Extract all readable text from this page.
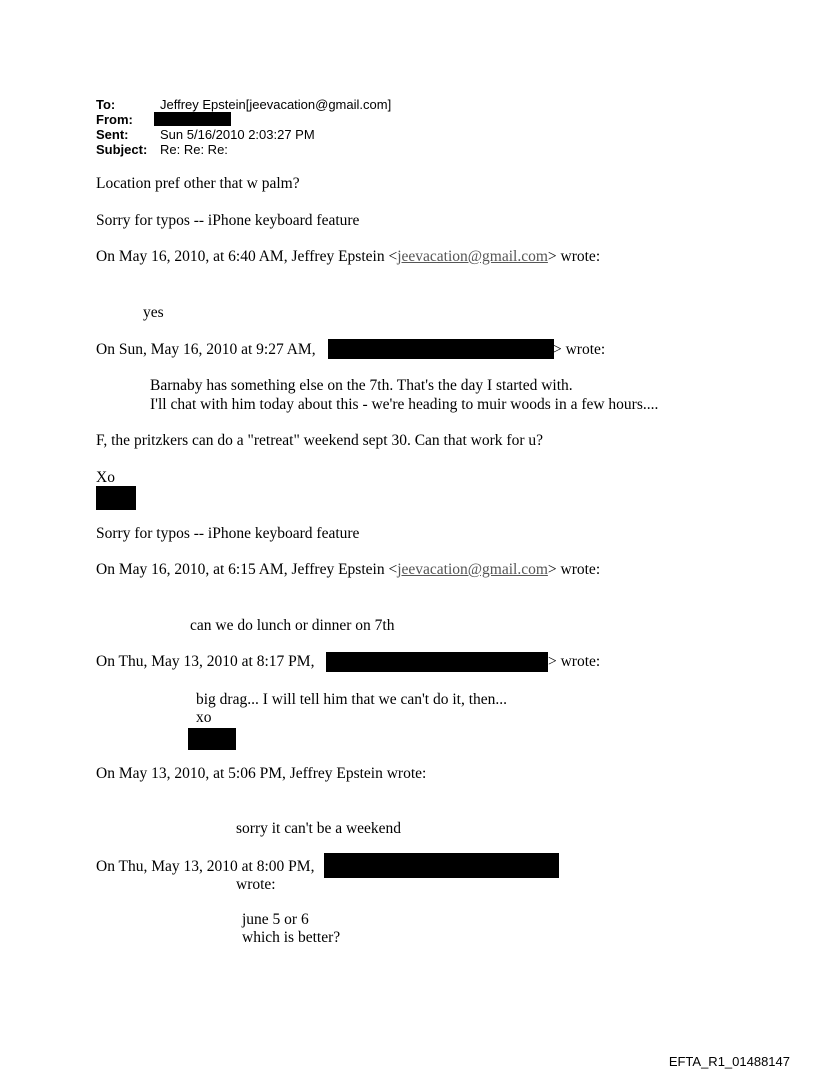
To:	Jeffrey Epstein[jeevacation@gmail.com]
From:
Sent: Sun 5/16/2010 2:03:27 PM
Subject: Re: Re: Re:
Location pref other that w palm?
Sorry for typos -- iPhone keyboard feature
On May 16, 2010, at 6:40 AM, Jeffrey Epstein <jeevacation@gmail.com> wrote:
yes
On Sun, May 16, 2010 at 9:27 AM,	> wrote:
Barnaby has something else on the 7th. That's the day I started with.
I'll chat with him today about this - we're heading to muir woods in a few hours....
F, the pritzkers can do a "retreat" weekend sept 30. Can that work for u?
Xo
Sorry for typos -- iPhone keyboard feature
On May 16, 2010, at 6:15 AM, Jeffrey Epstein <jeevacation@gmail.com> wrote:
can we do lunch or dinner on 7th
On Thu, May 13, 2010 at 8:17 PM,	> wrote:
big drag... I will tell him that we can't do it, then...
xo
On May 13, 2010, at 5:06 PM, Jeffrey Epstein wrote:
sorry it can't be a weekend
On Thu, May 13, 2010 at 8:00 PM,
wrote:
june 5 or 6
which is better?
EFTA_R1_01488147
